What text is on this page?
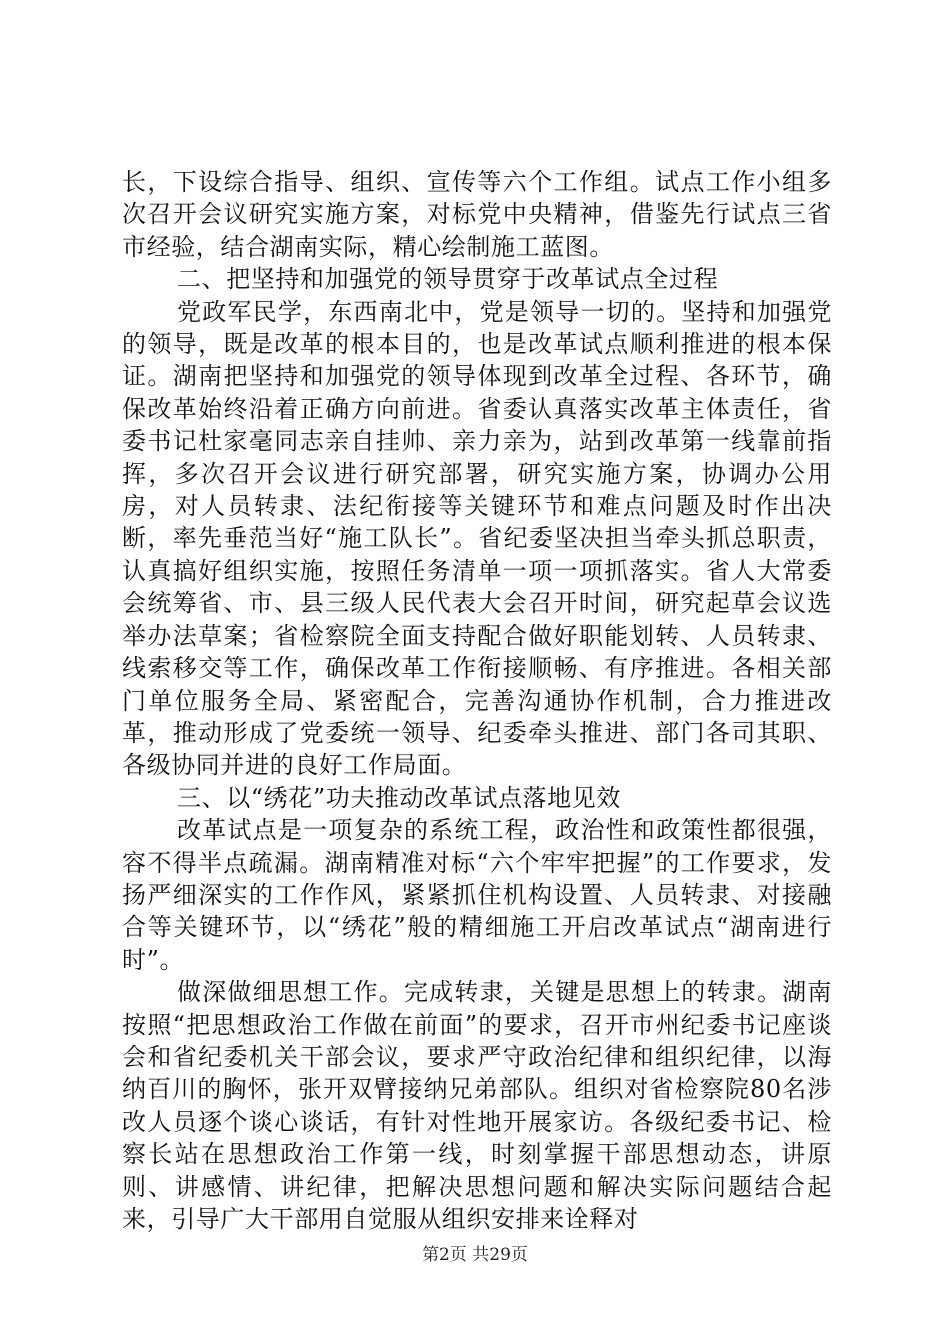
长，下设综合指导、组织、宣传等六个工作组。试点工作小组多次召开会议研究实施方案，对标党中央精神，借鉴先行试点三省市经验，结合湖南实际，精心绘制施工蓝图。

二、把坚持和加强党的领导贯穿于改革试点全过程

党政军民学，东西南北中，党是领导一切的。坚持和加强党的领导，既是改革的根本目的，也是改革试点顺利推进的根本保证。湖南把坚持和加强党的领导体现到改革全过程、各环节，确保改革始终沿着正确方向前进。省委认真落实改革主体责任，省委书记杜家毫同志亲自挂帅、亲力亲为，站到改革第一线靠前指挥，多次召开会议进行研究部署，研究实施方案，协调办公用房，对人员转隶、法纪衔接等关键环节和难点问题及时作出决断，率先垂范当好“施工队长”。省纪委坚决担当牵头抓总职责，认真搞好组织实施，按照任务清单一项一项抓落实。省人大常委会统筹省、市、县三级人民代表大会召开时间，研究起草会议选举办法草案；省检察院全面支持配合做好职能划转、人员转隶、线索移交等工作，确保改革工作衔接顺畅、有序推进。各相关部门单位服务全局、紧密配合，完善沟通协作机制，合力推进改革，推动形成了党委统一领导、纪委牵头推进、部门各司其职、各级协同并进的良好工作局面。

三、以“绣花”功夫推动改革试点落地见效

改革试点是一项复杂的系统工程，政治性和政策性都很强，容不得半点疏漏。湖南精准对标“六个牢牢把握”的工作要求，发扬严细深实的工作作风，紧紧抓住机构设置、人员转隶、对接融合等关键环节，以“绣花”般的精细施工开启改革试点“湖南进行时”。

做深做细思想工作。完成转隶，关键是思想上的转隶。湖南按照“把思想政治工作做在前面”的要求，召开市州纪委书记座谈会和省纪委机关干部会议，要求严守政治纪律和组织纪律，以海纳百川的胸怀，张开双臂接纳兄弟部队。组织对省检察院80名涉改人员逐个谈心谈话，有针对性地开展家访。各级纪委书记、检察长站在思想政治工作第一线，时刻掌握干部思想动态，讲原则、讲感情、讲纪律，把解决思想问题和解决实际问题结合起来，引导广大干部用自觉服从组织安排来诠释对

第2页 共29页
